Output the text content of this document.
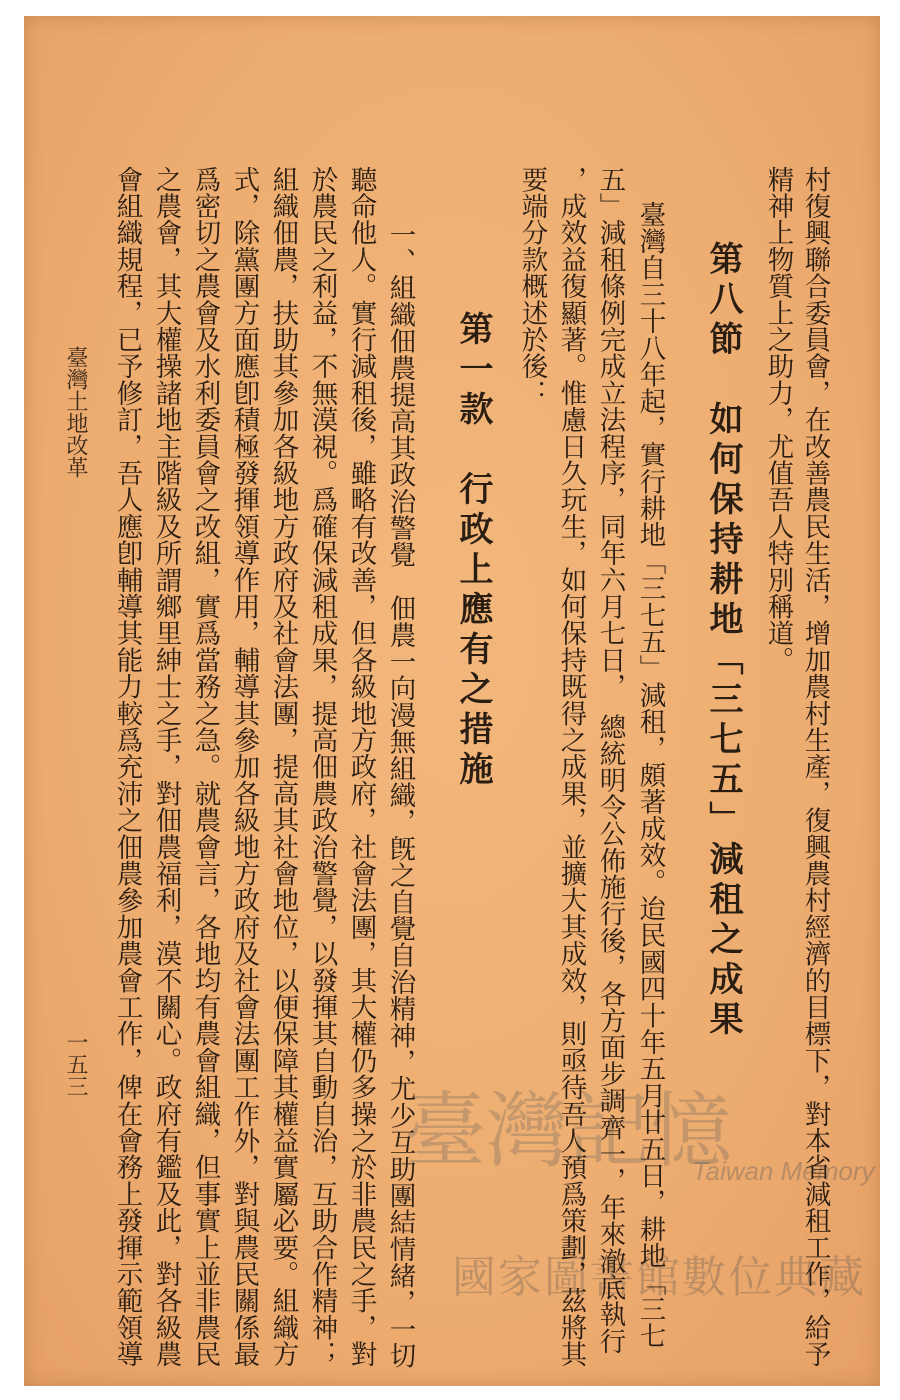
臺灣記憶
Taiwan Memory
國家圖書館數位典藏
村復興聯合委員會，在改善農民生活，增加農村生產，復興農村經濟的目標下，對本省減租工作，給予
精神上物質上之助力，尤值吾人特別稱道。
第八節　如何保持耕地「三七五」減租之成果
臺灣自三十八年起，實行耕地「三七五」減租，頗著成效。迨民國四十年五月廿五日，耕地「三七
五」減租條例完成立法程序，同年六月七日，　總統明令公佈施行後，各方面步調齊一，年來澈底執行
，成效益復顯著。惟慮日久玩生，如何保持既得之成果，並擴大其成效，則亟待吾人預爲策劃，茲將其
要端分款概述於後：
第一款　行政上應有之措施
一、組織佃農提高其政治警覺　佃農一向漫無組織，旣之自覺自治精神，尤少互助團結情緒，一切
聽命他人。實行減租後，雖略有改善，但各級地方政府，社會法團，其大權仍多操之於非農民之手，對
於農民之利益，不無漠視。爲確保減租成果，提高佃農政治警覺，以發揮其自動自治，互助合作精神；
組織佃農，扶助其參加各級地方政府及社會法團，提高其社會地位，以便保障其權益實屬必要。組織方
式，除黨團方面應卽積極發揮領導作用，輔導其參加各級地方政府及社會法團工作外，對與農民關係最
爲密切之農會及水利委員會之改組，實爲當務之急。就農會言，各地均有農會組織，但事實上並非農民
之農會，其大權操諸地主階級及所謂鄉里紳士之手，對佃農福利，漠不關心。政府有鑑及此，對各級農
會組織規程，已予修訂，吾人應卽輔導其能力較爲充沛之佃農參加農會工作，俾在會務上發揮示範領導
臺灣土地改革
一五三
